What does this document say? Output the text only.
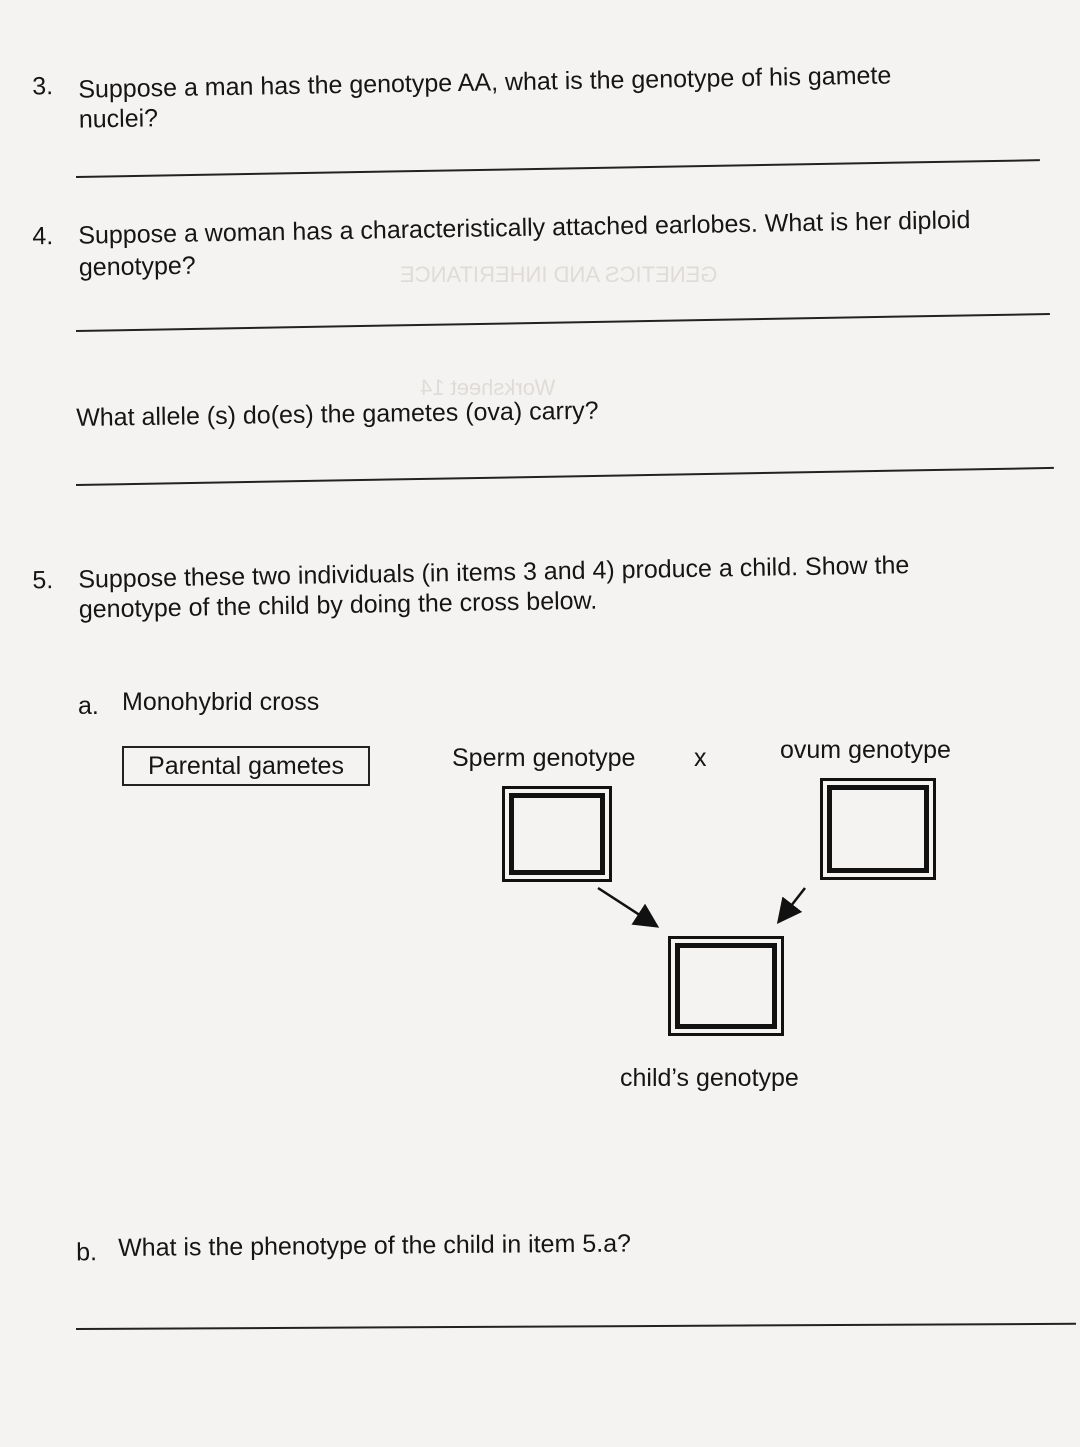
GENETICS AND INHERITANCE
Worksheet 14
3. Suppose a man has the genotype AA, what is the genotype of his gamete
nuclei?
4. Suppose a woman has a characteristically attached earlobes. What is her diploid
genotype?
What allele (s) do(es) the gametes (ova) carry?
5. Suppose these two individuals (in items 3 and 4) produce a child. Show the
genotype of the child by doing the cross below.
a. Monohybrid cross
Parental gametes	Sperm genotype x	ovum genotype
child’s genotype
b. What is the phenotype of the child in item 5.a?
